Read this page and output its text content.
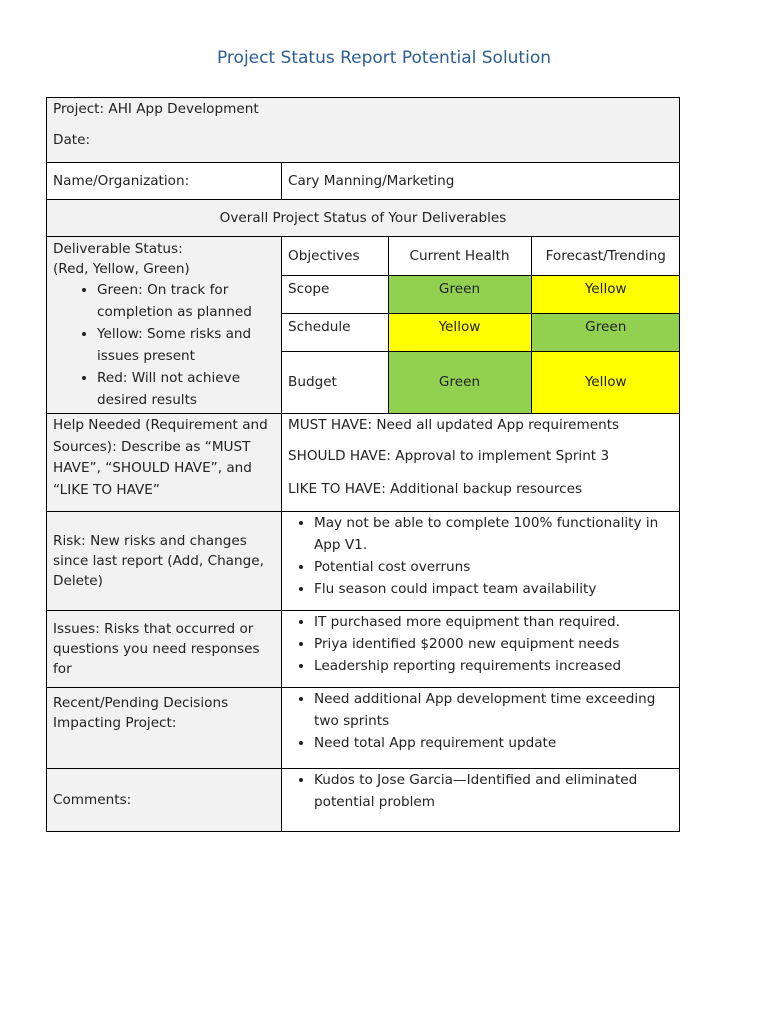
Project Status Report Potential Solution
Project: AHI App Development
Date:

Name/Organization:	Cary Manning/Marketing
Overall Project Status of Your Deliverables

Deliverable Status:
(Red, Yellow, Green)
• Green: On track for completion as planned
• Yellow: Some risks and issues present
• Red: Will not achieve desired results

Objectives	Current Health	Forecast/Trending
Scope	Green	Yellow
Schedule	Yellow	Green
Budget	Green	Yellow

Help Needed (Requirement and Sources): Describe as “MUST HAVE”, “SHOULD HAVE”, and “LIKE TO HAVE”	
MUST HAVE: Need all updated App requirements
SHOULD HAVE: Approval to implement Sprint 3
LIKE TO HAVE: Additional backup resources

Risk: New risks and changes since last report (Add, Change, Delete)	
• May not be able to complete 100% functionality in App V1.
• Potential cost overruns
• Flu season could impact team availability

Issues: Risks that occurred or questions you need responses for	
• IT purchased more equipment than required.
• Priya identified $2000 new equipment needs
• Leadership reporting requirements increased

Recent/Pending Decisions Impacting Project:	
• Need additional App development time exceeding two sprints
• Need total App requirement update

Comments:	
• Kudos to Jose Garcia—Identified and eliminated potential problem
